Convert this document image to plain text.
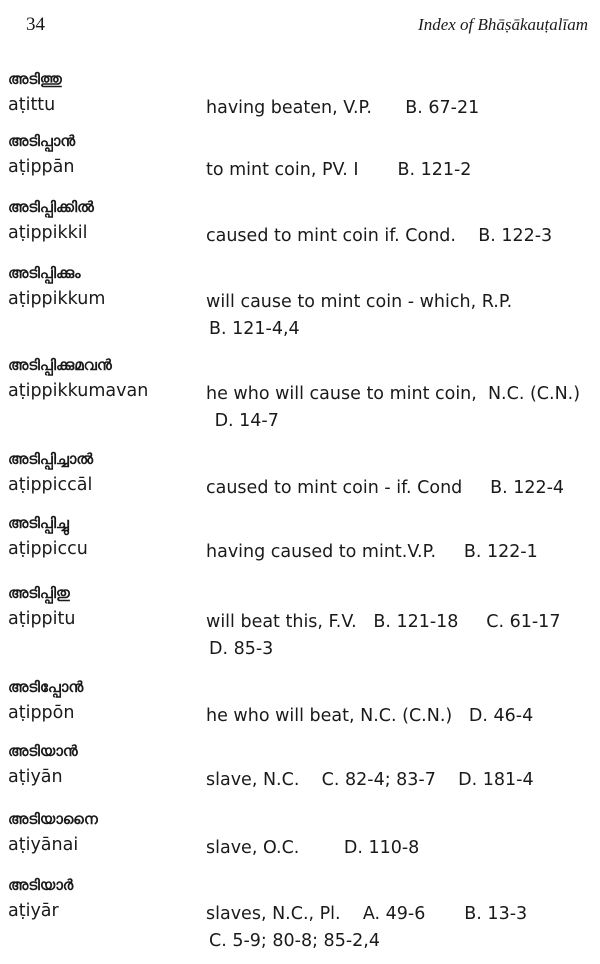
34	Index of Bhāṣākauṭalīam
അടിത്തു
aṭittu	having beaten, V.P.      B. 67-21
അടിപ്പാൻ
aṭippān	to mint coin, PV. I       B. 121-2
അടിപ്പിക്കിൽ
aṭippikkil	caused to mint coin if. Cond.    B. 122-3
അടിപ്പിക്കും
aṭippikkum	will cause to mint coin - which, R.P.
B. 121-4,4
അടിപ്പിക്കുമവൻ
aṭippikkumavan	he who will cause to mint coin,  N.C. (C.N.)
D. 14-7
അടിപ്പിച്ചാൽ
aṭippiccāl	caused to mint coin - if. Cond     B. 122-4
അടിപ്പിച്ചു
aṭippiccu	having caused to mint.V.P.     B. 122-1
അടിപ്പിതു
aṭippitu	will beat this, F.V.   B. 121-18     C. 61-17
D. 85-3
അടിപ്പോൻ
aṭippōn	he who will beat, N.C. (C.N.)   D. 46-4
അടിയാൻ
aṭiyān	slave, N.C.    C. 82-4; 83-7    D. 181-4
അടിയാനൈ
aṭiyānai	slave, O.C.        D. 110-8
അടിയാർ
aṭiyār	slaves, N.C., Pl.    A. 49-6       B. 13-3
C. 5-9; 80-8; 85-2,4
